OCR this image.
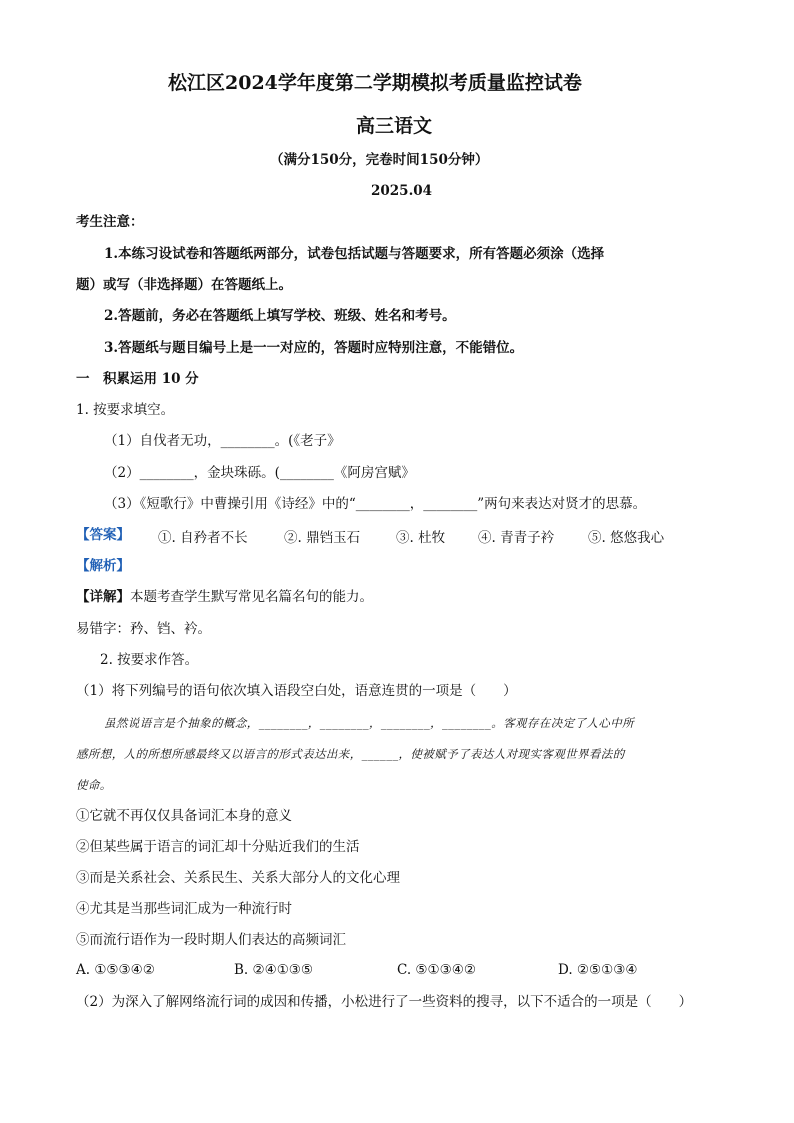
松江区2024学年度第二学期模拟考质量监控试卷
高三语文
（满分150分，完卷时间150分钟）
2025.04
考生注意：
1.本练习设试卷和答题纸两部分，试卷包括试题与答题要求，所有答题必须涂（选择
题）或写（非选择题）在答题纸上。
2.答题前，务必在答题纸上填写学校、班级、姓名和考号。
3.答题纸与题目编号上是一一对应的，答题时应特别注意，不能错位。
一　积累运用 10 分
1. 按要求填空。
（1）自伐者无功，________。(《老子》
（2）________，金块珠砾。(________《阿房宫赋》
（3）《短歌行》中曹操引用《诗经》中的“________，________”两句来表达对贤才的思慕。
【答案】 ①. 自矜者不长	②. 鼎铛玉石	③. 杜牧 ④. 青青子衿	⑤. 悠悠我心
【解析】
【详解】本题考查学生默写常见名篇名句的能力。
易错字：矜、铛、衿。
2. 按要求作答。
（1）将下列编号的语句依次填入语段空白处，语意连贯的一项是（　　）
虽然说语言是个抽象的概念，________，________，________，________。客观存在决定了人心中所
感所想，人的所想所感最终又以语言的形式表达出来，______，使被赋予了表达人对现实客观世界看法的
使命。
①它就不再仅仅具备词汇本身的意义
②但某些属于语言的词汇却十分贴近我们的生活
③而是关系社会、关系民生、关系大部分人的文化心理
④尤其是当那些词汇成为一种流行时
⑤而流行语作为一段时期人们表达的高频词汇
A. ①⑤③④②	B. ②④①③⑤	C. ⑤①③④②	D. ②⑤①③④
（2）为深入了解网络流行词的成因和传播，小松进行了一些资料的搜寻，以下不适合的一项是（　　）
